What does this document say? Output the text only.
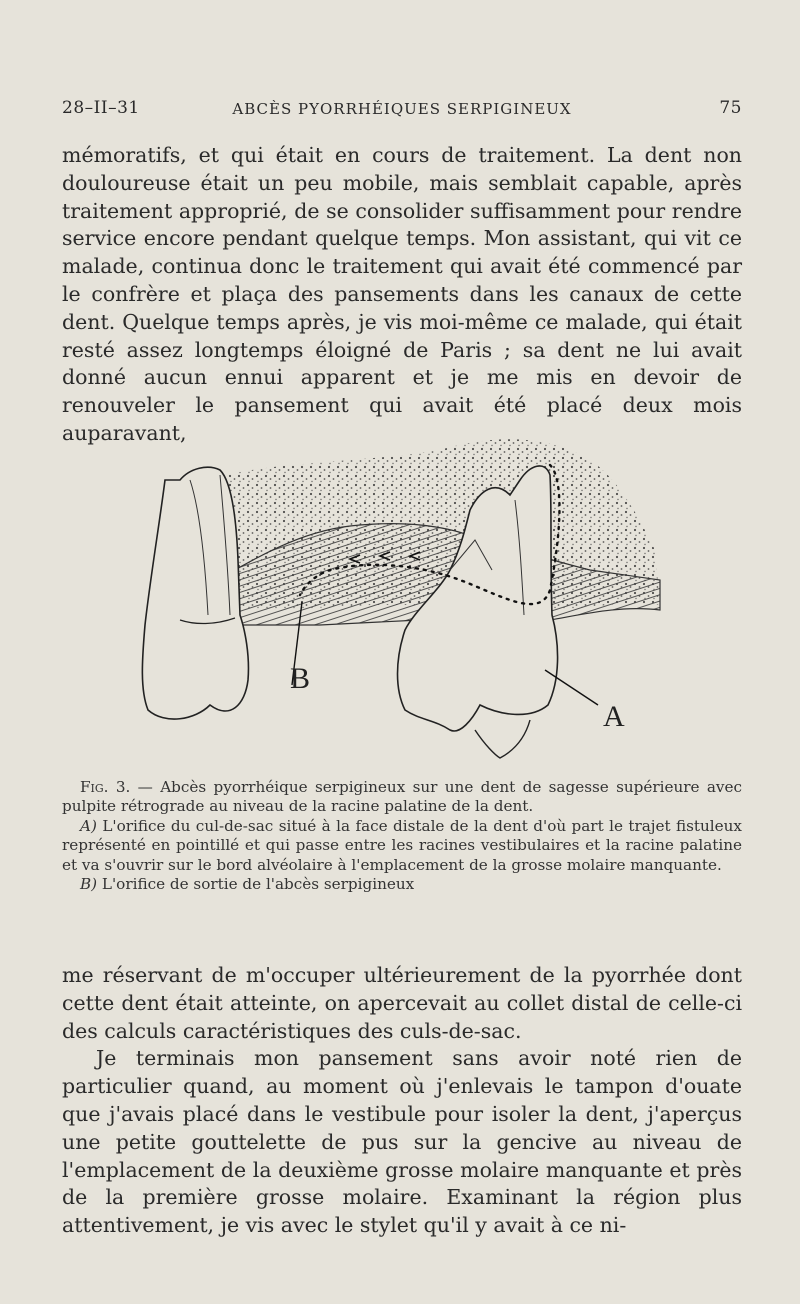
28–II–31	ABCÈS PYORRHÉIQUES SERPIGINEUX	75

mémoratifs, et qui était en cours de traitement. La dent non douloureuse était un peu mobile, mais semblait capable, après traitement approprié, de se consolider suffisamment pour rendre service encore pendant quelque temps. Mon assistant, qui vit ce malade, continua donc le traitement qui avait été commencé par le confrère et plaça des pansements dans les canaux de cette dent. Quelque temps après, je vis moi-même ce malade, qui était resté assez longtemps éloigné de Paris ; sa dent ne lui avait donné aucun ennui apparent et je me mis en devoir de renouveler le pansement qui avait été placé deux mois auparavant,

B
A

Fig. 3. — Abcès pyorrhéique serpigineux sur une dent de sagesse supérieure avec pulpite rétrograde au niveau de la racine palatine de la dent.

A) L'orifice du cul-de-sac situé à la face distale de la dent d'où part le trajet fistuleux représenté en pointillé et qui passe entre les racines vestibulaires et la racine palatine et va s'ouvrir sur le bord alvéolaire à l'emplacement de la grosse molaire manquante.

B) L'orifice de sortie de l'abcès serpigineux

me réservant de m'occuper ultérieurement de la pyorrhée dont cette dent était atteinte, on apercevait au collet distal de celle-ci des calculs caractéristiques des culs-de-sac.

Je terminais mon pansement sans avoir noté rien de particulier quand, au moment où j'enlevais le tampon d'ouate que j'avais placé dans le vestibule pour isoler la dent, j'aperçus une petite gouttelette de pus sur la gencive au niveau de l'emplacement de la deuxième grosse molaire manquante et près de la première grosse molaire. Examinant la région plus attentivement, je vis avec le stylet qu'il y avait à ce ni-
